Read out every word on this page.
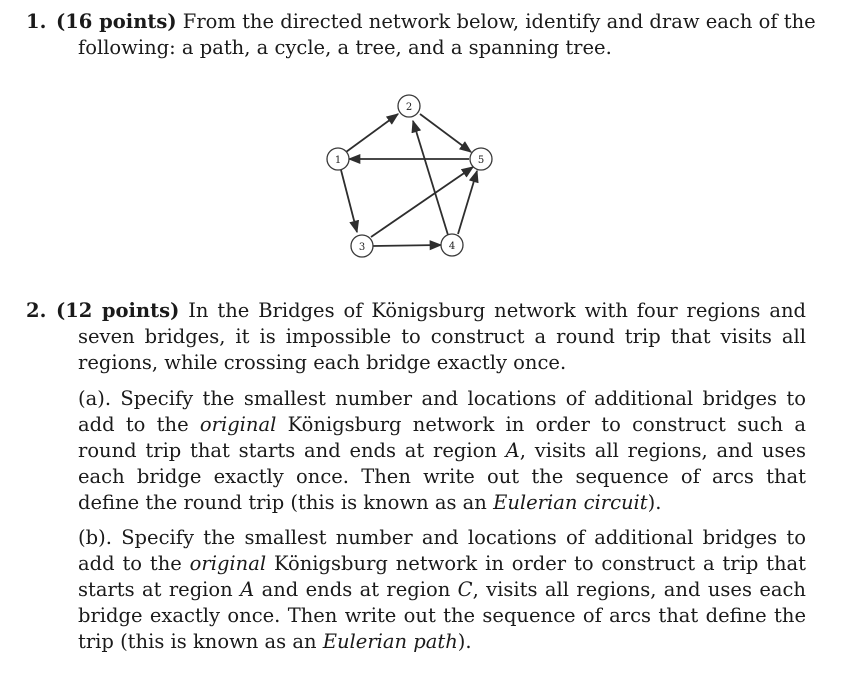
1. (16 points) From the directed network below, identify and draw each of the
following: a path, a cycle, a tree, and a spanning tree.
1
2
3	4
5
2. (12 points) In the Bridges of Königsburg network with four regions and seven bridges, it is impossible to construct a round trip that visits all regions, while crossing each bridge exactly once.
(a). Specify the smallest number and locations of additional bridges to add to the original Königsburg network in order to construct such a round trip that starts and ends at region A, visits all regions, and uses each bridge exactly once. Then write out the sequence of arcs that define the round trip (this is known as an Eulerian circuit).
(b). Specify the smallest number and locations of additional bridges to add to the original Königsburg network in order to construct a trip that starts at region A and ends at region C, visits all regions, and uses each bridge exactly once. Then write out the sequence of arcs that define the trip (this is known as an Eulerian path).
